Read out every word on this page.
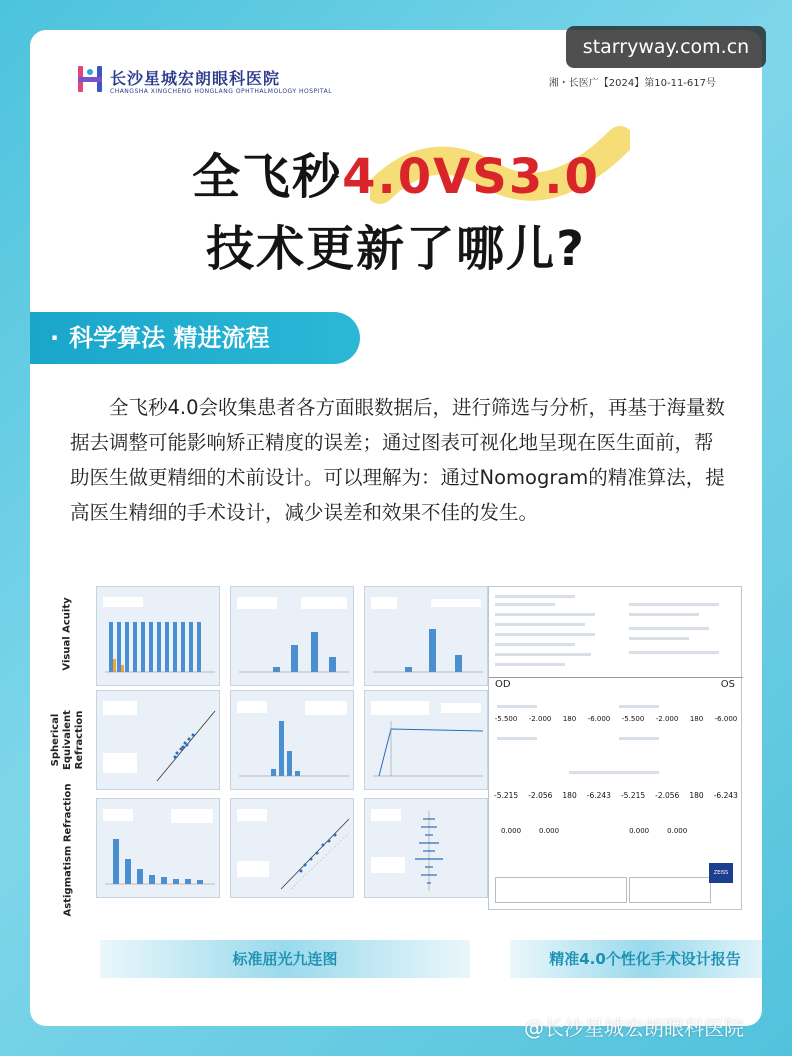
starryway.com.cn
长沙星城宏朗眼科医院
CHANGSHA XINGCHENG HONGLANG OPHTHALMOLOGY HOSPITAL
湘・长医广【2024】第10-11-617号
全飞秒4.0VS3.0
技术更新了哪儿?
· 科学算法 精进流程
全飞秒4.0会收集患者各方面眼数据后，进行筛选与分析，再基于海量数据去调整可能影响矫正精度的误差；通过图表可视化地呈现在医生面前，帮助医生做更精细的术前设计。可以理解为：通过Nomogram的精准算法，提高医生精细的手术设计，减少误差和效果不佳的发生。
Visual Acuity
Spherical Equivalent Refraction
Astigmatism Refraction
OD	OS
-5.500 -2.000 180 -6.000 -5.500 -2.000 180 -6.000
-5.215 -2.056 180 -6.243 -5.215 -2.056 180 -6.243
0.000	0.000	0.000	0.000
ZEISS
标准屈光九连图	精准4.0个性化手术设计报告
@长沙星城宏朗眼科医院
